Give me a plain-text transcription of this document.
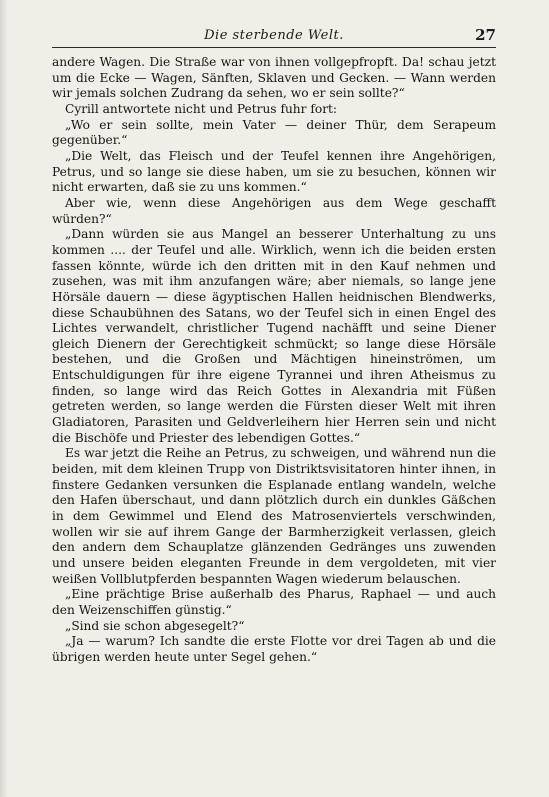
Die sterbende Welt.	27

andere Wagen. Die Straße war von ihnen vollgepfropft. Da! schau jetzt um die Ecke — Wagen, Sänften, Sklaven und Gecken. — Wann werden wir jemals solchen Zudrang da sehen, wo er sein sollte?“

Cyrill antwortete nicht und Petrus fuhr fort:

„Wo er sein sollte, mein Vater — deiner Thür, dem Serapeum gegenüber.“

„Die Welt, das Fleisch und der Teufel kennen ihre Angehörigen, Petrus, und so lange sie diese haben, um sie zu besuchen, können wir nicht erwarten, daß sie zu uns kommen.“

Aber wie, wenn diese Angehörigen aus dem Wege geschafft würden?“

„Dann würden sie aus Mangel an besserer Unterhaltung zu uns kommen .... der Teufel und alle. Wirklich, wenn ich die beiden ersten fassen könnte, würde ich den dritten mit in den Kauf nehmen und zusehen, was mit ihm anzufangen wäre; aber niemals, so lange jene Hörsäle dauern — diese ägyptischen Hallen heidnischen Blendwerks, diese Schaubühnen des Satans, wo der Teufel sich in einen Engel des Lichtes verwandelt, christlicher Tugend nachäfft und seine Diener gleich Dienern der Gerechtigkeit schmückt; so lange diese Hörsäle bestehen, und die Großen und Mächtigen hineinströmen, um Entschuldigungen für ihre eigene Tyrannei und ihren Atheismus zu finden, so lange wird das Reich Gottes in Alexandria mit Füßen getreten werden, so lange werden die Fürsten dieser Welt mit ihren Gladiatoren, Parasiten und Geldverleihern hier Herren sein und nicht die Bischöfe und Priester des lebendigen Gottes.“

Es war jetzt die Reihe an Petrus, zu schweigen, und während nun die beiden, mit dem kleinen Trupp von Distriktsvisitatoren hinter ihnen, in finstere Gedanken versunken die Esplanade entlang wandeln, welche den Hafen überschaut, und dann plötzlich durch ein dunkles Gäßchen in dem Gewimmel und Elend des Matrosenviertels verschwinden, wollen wir sie auf ihrem Gange der Barmherzigkeit verlassen, gleich den andern dem Schauplatze glänzenden Gedränges uns zuwenden und unsere beiden eleganten Freunde in dem vergoldeten, mit vier weißen Vollblutpferden bespannten Wagen wiederum belauschen.

„Eine prächtige Brise außerhalb des Pharus, Raphael — und auch den Weizenschiffen günstig.“

„Sind sie schon abgesegelt?“

„Ja — warum? Ich sandte die erste Flotte vor drei Tagen ab und die übrigen werden heute unter Segel gehen.“
